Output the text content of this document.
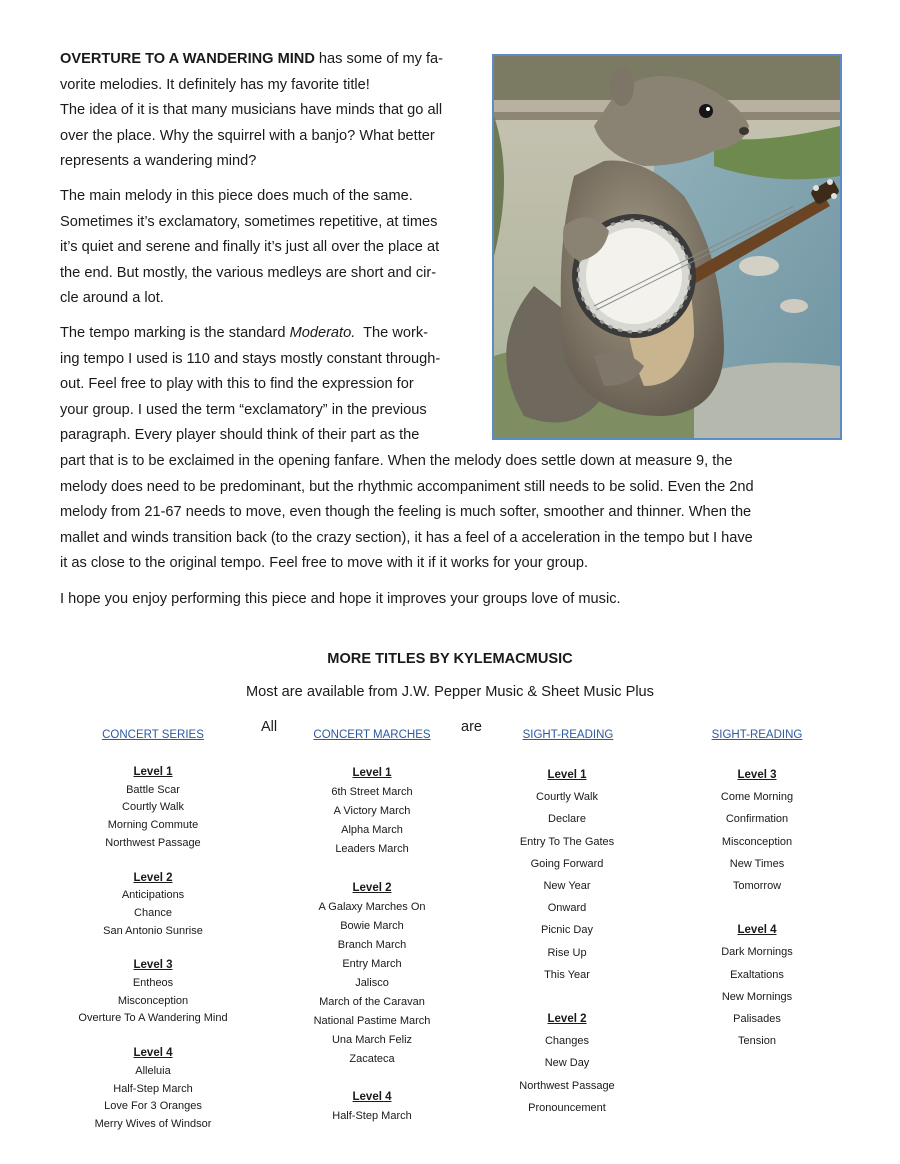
OVERTURE TO A WANDERING MIND has some of my fa-
vorite melodies. It definitely has my favorite title!
The idea of it is that many musicians have minds that go all
over the place. Why the squirrel with a banjo? What better
represents a wandering mind?
The main melody in this piece does much of the same.
Sometimes it’s exclamatory, sometimes repetitive, at times
it’s quiet and serene and finally it’s just all over the place at
the end. But mostly, the various medleys are short and cir-
cle around a lot.
The tempo marking is the standard Moderato.  The work-
ing tempo I used is 110 and stays mostly constant through-
out. Feel free to play with this to find the expression for
your group. I used the term “exclamatory” in the previous
paragraph. Every player should think of their part as the
part that is to be exclaimed in the opening fanfare. When the melody does settle down at measure 9, the
melody does need to be predominant, but the rhythmic accompaniment still needs to be solid. Even the 2nd
melody from 21-67 needs to move, even though the feeling is much softer, smoother and thinner. When the
mallet and winds transition back (to the crazy section), it has a feel of a acceleration in the tempo but I have
it as close to the original tempo. Feel free to move with it if it works for your group.
I hope you enjoy performing this piece and hope it improves your groups love of music.
MORE TITLES BY KYLEMACMUSIC
Most are available from J.W. Pepper Music & Sheet Music Plus
All	are
CONCERT SERIES	CONCERT MARCHES	SIGHT-READING	SIGHT-READING
Level 1
Battle Scar
Courtly Walk
Morning Commute
Northwest Passage
Level 2
Anticipations
Chance
San Antonio Sunrise
Level 3
Entheos
Misconception
Overture To A Wandering Mind
Level 4
Alleluia
Half-Step March
Love For 3 Oranges
Merry Wives of Windsor
Level 1
6th Street March
A Victory March
Alpha March
Leaders March
Level 2
A Galaxy Marches On
Bowie March
Branch March
Entry March
Jalisco
March of the Caravan
National Pastime March
Una March Feliz
Zacateca
Level 4
Half-Step March
Level 1
Courtly Walk
Declare
Entry To The Gates
Going Forward
New Year
Onward
Picnic Day
Rise Up
This Year
Level 2
Changes
New Day
Northwest Passage
Pronouncement
Level 3
Come Morning
Confirmation
Misconception
New Times
Tomorrow
Level 4
Dark Mornings
Exaltations
New Mornings
Palisades
Tension
